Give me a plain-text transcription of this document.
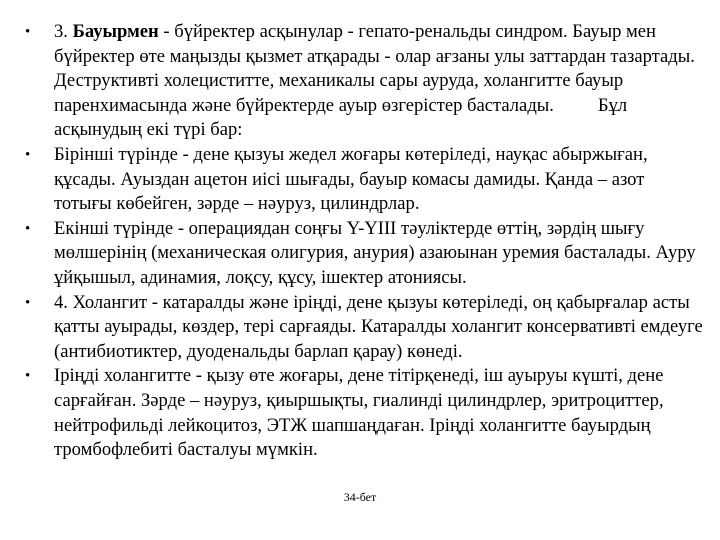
• 3. Бауырмен - бүйректер асқынулар - гепато-ренальды синдром. Бауыр мен бүйректер өте маңызды қызмет атқарады - олар ағзаны улы заттардан тазартады. Деструктивті холециститте, механикалы сары ауруда, холангитте бауыр паренхимасында және бүйректерде ауыр өзгерістер басталады. Бұл асқынудың екі түрі бар:
• Бірінші түрінде - дене қызуы жедел жоғары көтеріледі, науқас абыржыған, құсады. Ауыздан ацетон иісі шығады, бауыр комасы дамиды. Қанда – азот тотығы көбейген, зәрде – нәуруз, цилиндрлар.
• Екінші түрінде - операциядан соңғы Y-YIII тәуліктерде өттің, зәрдің шығу мөлшерінің (механическая олигурия, анурия) азаюынан уремия басталады. Ауру ұйқышыл, адинамия, лоқсу, құсу, ішектер атониясы.
• 4. Холангит - катаралды және іріңді, дене қызуы көтеріледі, оң қабырғалар асты қатты ауырады, көздер, тері сарғаяды. Катаралды холангит консервативті емдеуге (антибиотиктер, дуоденальды барлап қарау) көнеді.
• Іріңді холангитте - қызу өте жоғары, дене тітірқенеді, іш ауыруы күшті, дене сарғайған. Зәрде – нәуруз, қиыршықты, гиалинді цилиндрлер, эритроциттер, нейтрофильді лейкоцитоз, ЭТЖ шапшаңдаған. Іріңді холангитте бауырдың тромбофлебиті басталуы мүмкін.
34-бет
